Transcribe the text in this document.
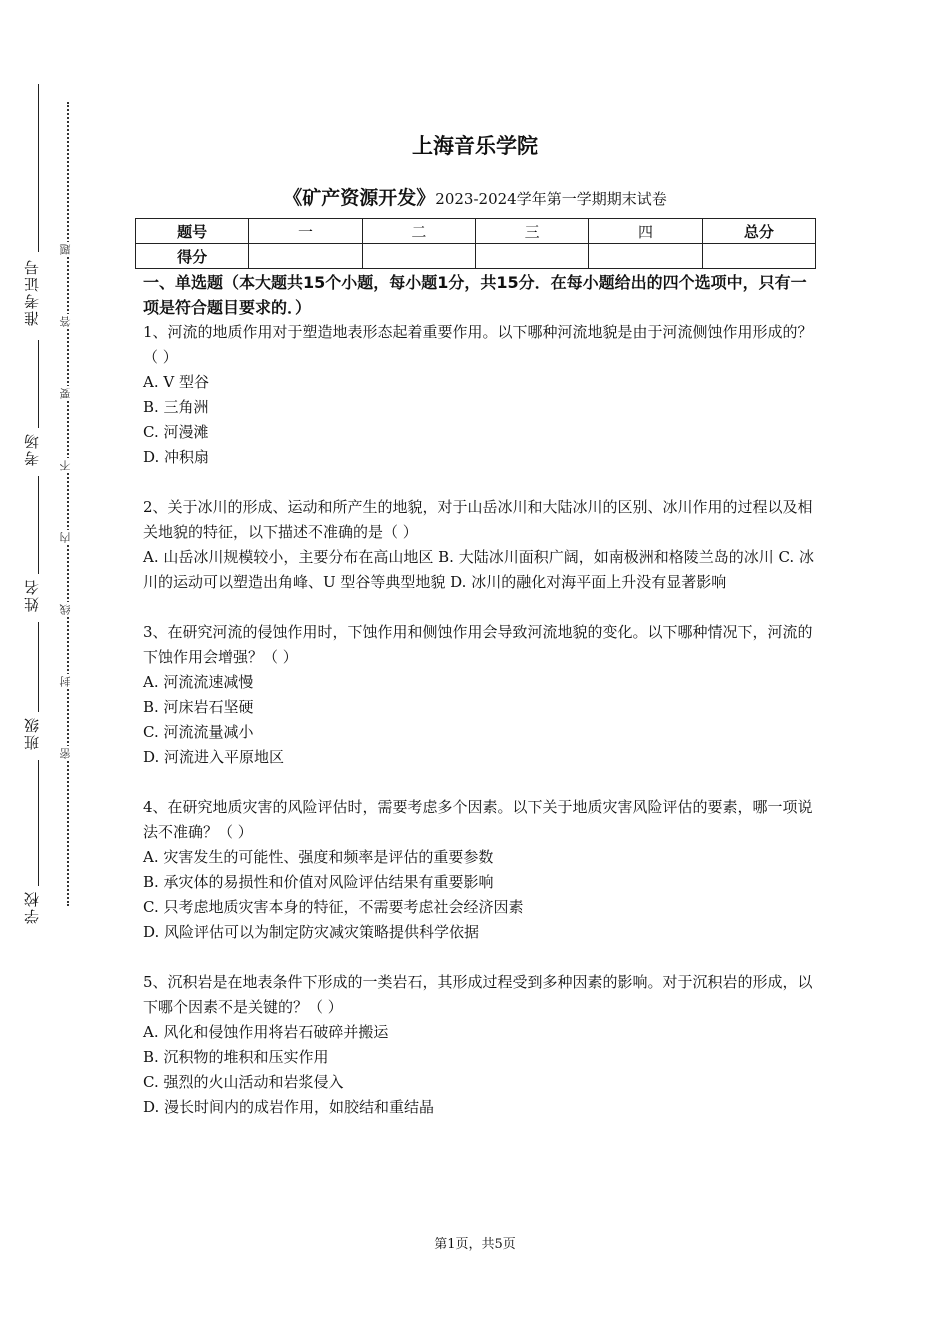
准考证号
考场
姓名
班级
学校
题
答
要
不
内
线
封
密
上海音乐学院
《矿产资源开发》2023-2024学年第一学期期末试卷
题号	一	二	三	四	总分
得分					
一、单选题（本大题共15个小题，每小题1分，共15分．在每小题给出的四个选项中，只有一项是符合题目要求的．）
1、河流的地质作用对于塑造地表形态起着重要作用。以下哪种河流地貌是由于河流侧蚀作用形成的？（ ）
A. V 型谷
B. 三角洲
C. 河漫滩
D. 冲积扇
2、关于冰川的形成、运动和所产生的地貌，对于山岳冰川和大陆冰川的区别、冰川作用的过程以及相关地貌的特征，以下描述不准确的是（ ）
A. 山岳冰川规模较小，主要分布在高山地区 B. 大陆冰川面积广阔，如南极洲和格陵兰岛的冰川 C. 冰川的运动可以塑造出角峰、U 型谷等典型地貌 D. 冰川的融化对海平面上升没有显著影响
3、在研究河流的侵蚀作用时，下蚀作用和侧蚀作用会导致河流地貌的变化。以下哪种情况下，河流的下蚀作用会增强？（ ）
A. 河流流速减慢
B. 河床岩石坚硬
C. 河流流量减小
D. 河流进入平原地区
4、在研究地质灾害的风险评估时，需要考虑多个因素。以下关于地质灾害风险评估的要素，哪一项说法不准确？（ ）
A. 灾害发生的可能性、强度和频率是评估的重要参数
B. 承灾体的易损性和价值对风险评估结果有重要影响
C. 只考虑地质灾害本身的特征，不需要考虑社会经济因素
D. 风险评估可以为制定防灾减灾策略提供科学依据
5、沉积岩是在地表条件下形成的一类岩石，其形成过程受到多种因素的影响。对于沉积岩的形成，以下哪个因素不是关键的？（ ）
A. 风化和侵蚀作用将岩石破碎并搬运
B. 沉积物的堆积和压实作用
C. 强烈的火山活动和岩浆侵入
D. 漫长时间内的成岩作用，如胶结和重结晶
第1页，共5页
